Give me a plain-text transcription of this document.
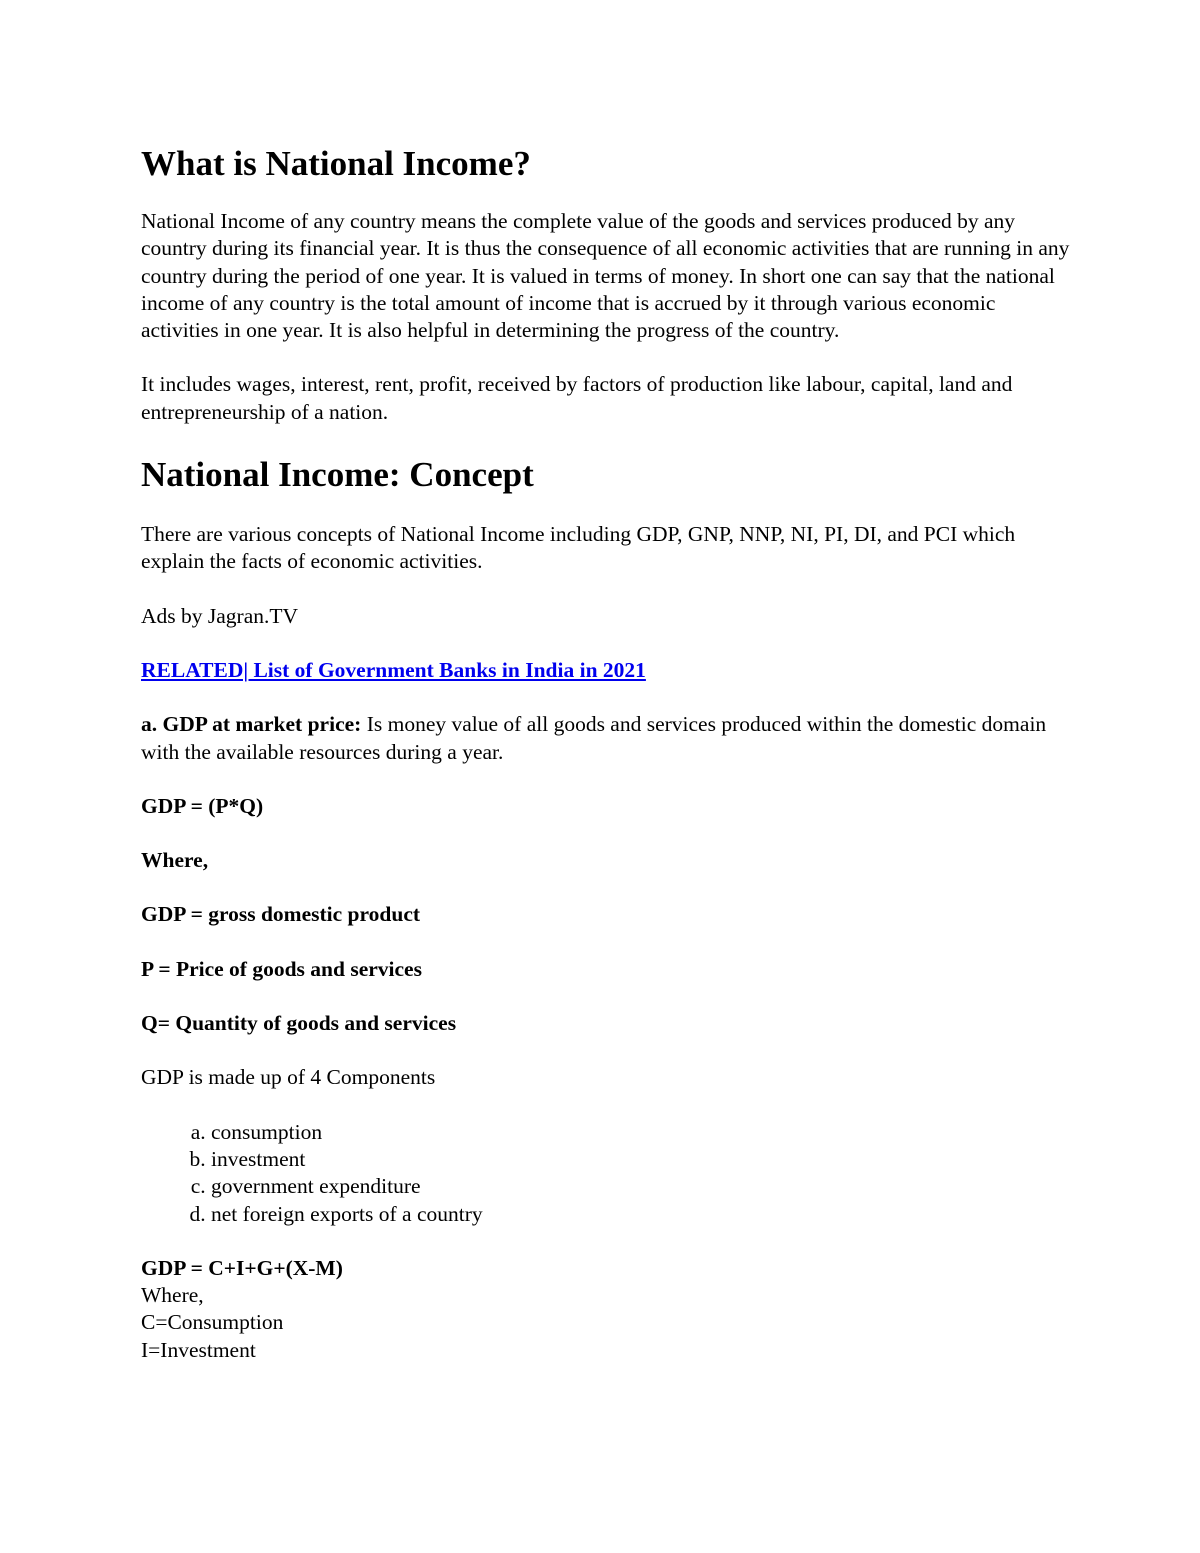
What is National Income?

National Income of any country means the complete value of the goods and services produced by any country during its financial year. It is thus the consequence of all economic activities that are running in any country during the period of one year. It is valued in terms of money. In short one can say that the national income of any country is the total amount of income that is accrued by it through various economic activities in one year. It is also helpful in determining the progress of the country.

It includes wages, interest, rent, profit, received by factors of production like labour, capital, land and entrepreneurship of a nation.

National Income: Concept

There are various concepts of National Income including GDP, GNP, NNP, NI, PI, DI, and PCI which explain the facts of economic activities.

Ads by Jagran.TV

RELATED| List of Government Banks in India in 2021

a. GDP at market price: Is money value of all goods and services produced within the domestic domain with the available resources during a year.

GDP = (P*Q)

Where,

GDP = gross domestic product

P = Price of goods and services

Q= Quantity of goods and services

GDP is made up of 4 Components

a. consumption
b. investment
c. government expenditure
d. net foreign exports of a country

GDP = C+I+G+(X-M)

Where,

C=Consumption

I=Investment
